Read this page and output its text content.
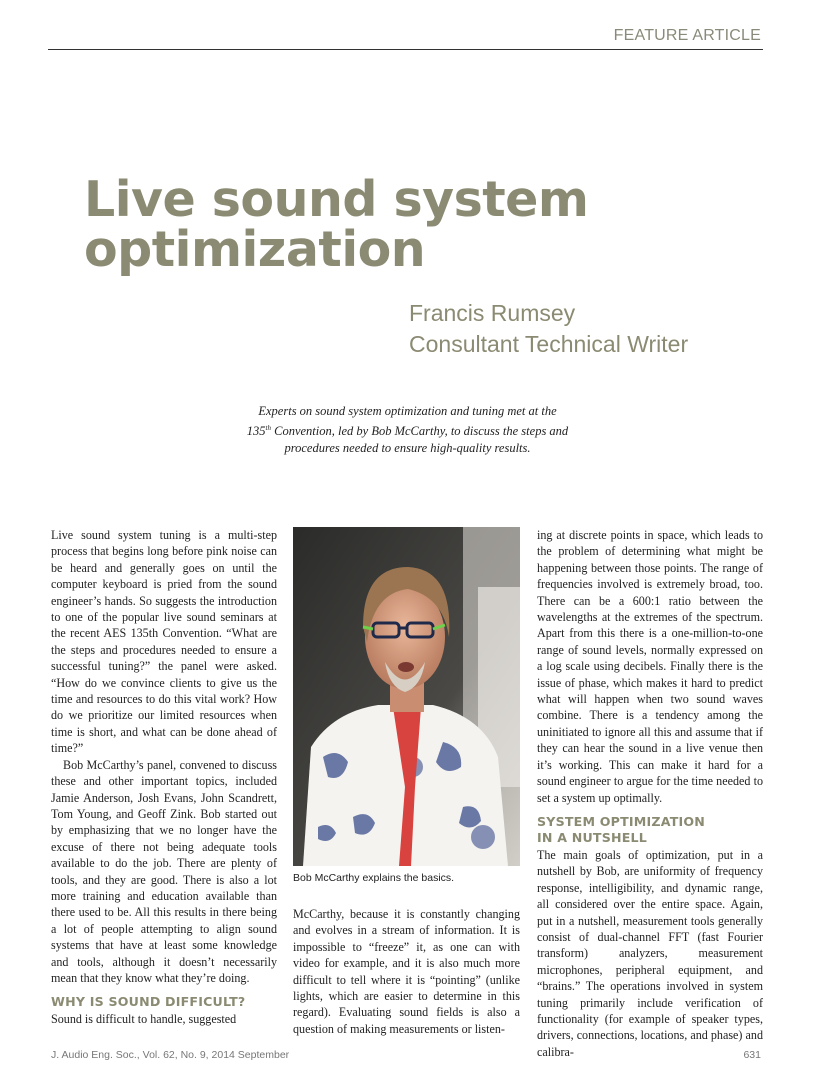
FEATURE ARTICLE
Live sound system
optimization
Francis Rumsey
Consultant Technical Writer
Experts on sound system optimization and tuning met at the 135th Convention, led by Bob McCarthy, to discuss the steps and procedures needed to ensure high-quality results.

Live sound system tuning is a multi-step process that begins long before pink noise can be heard and generally goes on until the computer keyboard is pried from the sound engineer’s hands. So suggests the introduction to one of the popular live sound seminars at the recent AES 135th Convention. “What are the steps and procedures needed to ensure a successful tuning?” the panel were asked. “How do we convince clients to give us the time and resources to do this vital work? How do we prioritize our limited resources when time is short, and what can be done ahead of time?”

Bob McCarthy’s panel, convened to discuss these and other important topics, included Jamie Anderson, Josh Evans, John Scandrett, Tom Young, and Geoff Zink. Bob started out by emphasizing that we no longer have the excuse of there not being adequate tools available to do the job. There are plenty of tools, and they are good. There is also a lot more training and education available than there used to be. All this results in there being a lot of people attempting to align sound systems that have at least some knowledge and tools, although it doesn’t necessarily mean that they know what they’re doing.

WHY IS SOUND DIFFICULT?

Sound is difficult to handle, suggested

Bob McCarthy explains the basics.

McCarthy, because it is constantly changing and evolves in a stream of information. It is impossible to “freeze” it, as one can with video for example, and it is also much more difficult to tell where it is “pointing” (unlike lights, which are easier to determine in this regard). Evaluating sound fields is also a question of making measurements or listen-

ing at discrete points in space, which leads to the problem of determining what might be happening between those points. The range of frequencies involved is extremely broad, too. There can be a 600:1 ratio between the wavelengths at the extremes of the spectrum. Apart from this there is a one-million-to-one range of sound levels, normally expressed on a log scale using decibels. Finally there is the issue of phase, which makes it hard to predict what will happen when two sound waves combine. There is a tendency among the uninitiated to ignore all this and assume that if they can hear the sound in a live venue then it’s working. This can make it hard for a sound engineer to argue for the time needed to set a system up optimally.

SYSTEM OPTIMIZATION
IN A NUTSHELL

The main goals of optimization, put in a nutshell by Bob, are uniformity of frequency response, intelligibility, and dynamic range, all considered over the entire space. Again, put in a nutshell, measurement tools generally consist of dual-channel FFT (fast Fourier transform) analyzers, measurement microphones, peripheral equipment, and “brains.” The operations involved in system tuning primarily include verification of functionality (for example of speaker types, drivers, connections, locations, and phase) and calibra-

J. Audio Eng. Soc., Vol. 62, No. 9, 2014 September	631
